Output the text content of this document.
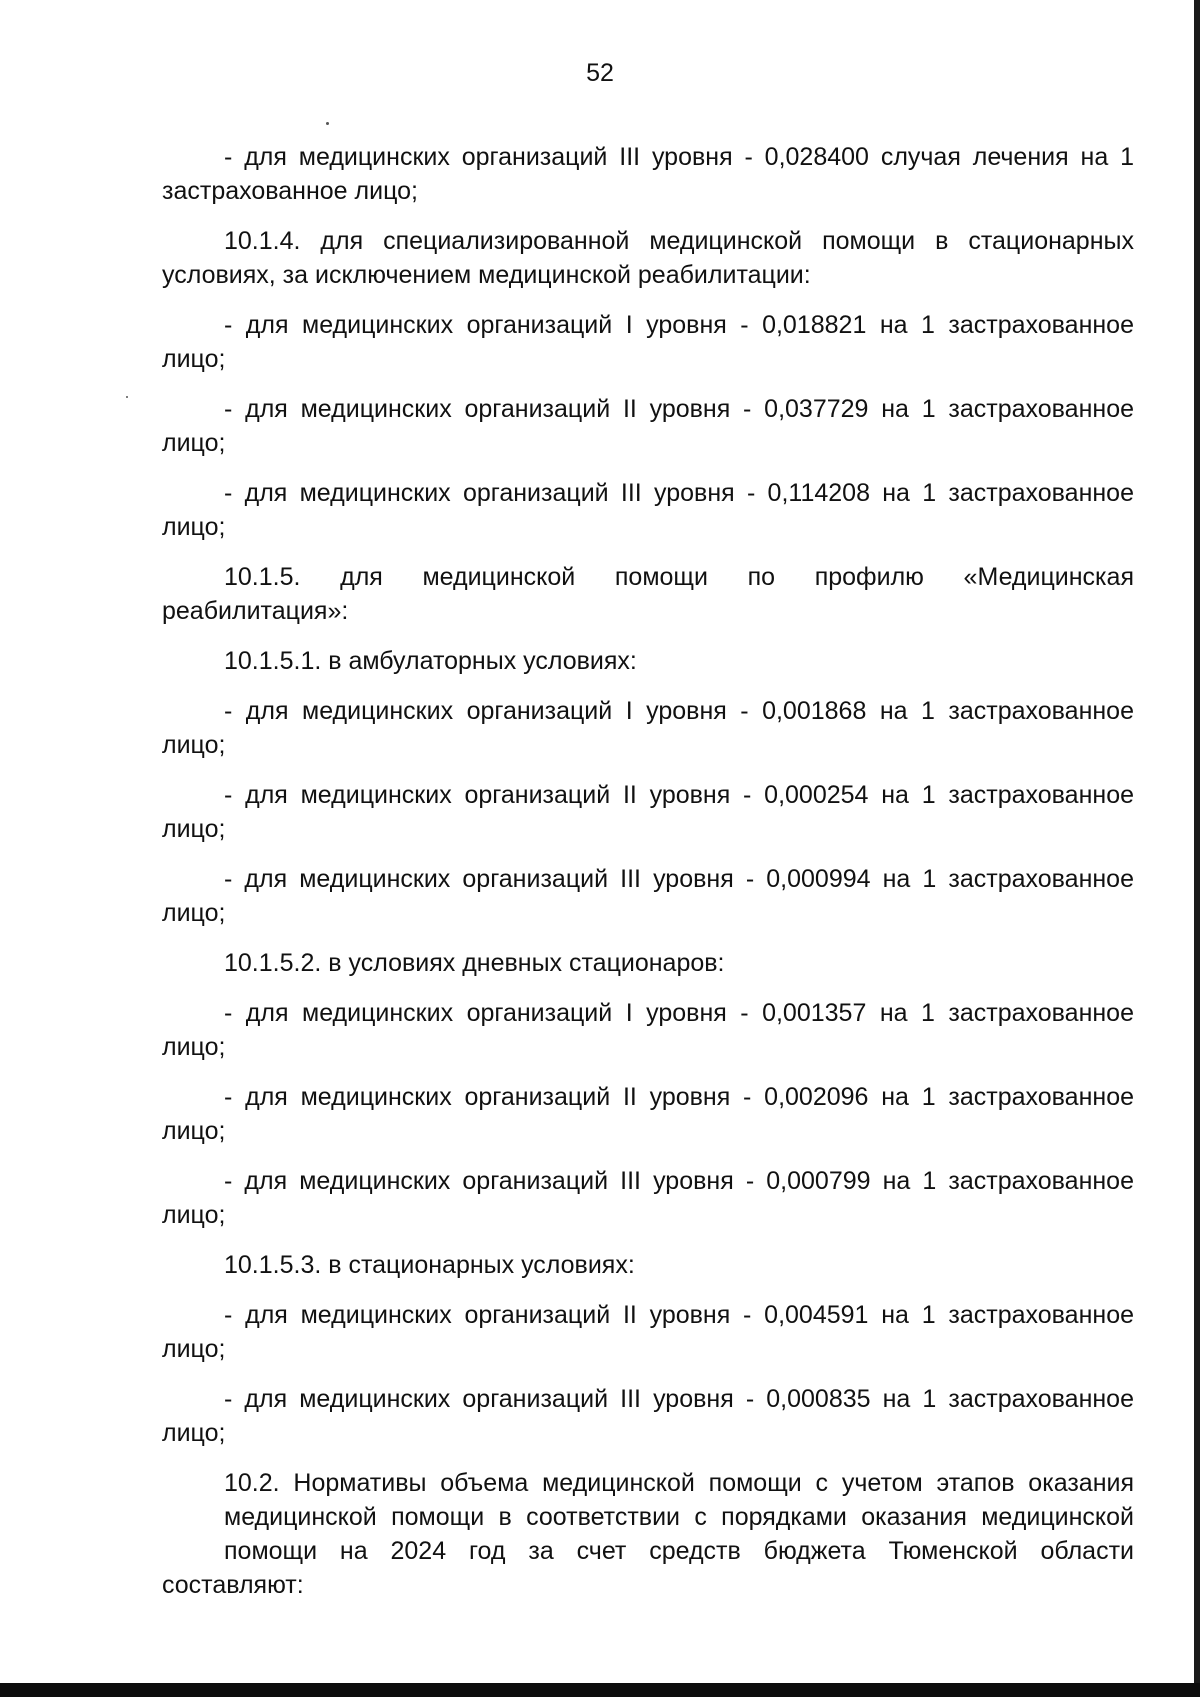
52

- для медицинских организаций III уровня - 0,028400 случая лечения на 1
застрахованное лицо;

10.1.4. для специализированной медицинской помощи в стационарных
условиях, за исключением медицинской реабилитации:

- для медицинских организаций I уровня - 0,018821 на 1 застрахованное
лицо;

- для медицинских организаций II уровня - 0,037729 на 1 застрахованное
лицо;

- для медицинских организаций III уровня - 0,114208 на 1 застрахованное
лицо;

10.1.5. для медицинской помощи по профилю «Медицинская
реабилитация»:

10.1.5.1. в амбулаторных условиях:

- для медицинских организаций I уровня - 0,001868 на 1 застрахованное
лицо;

- для медицинских организаций II уровня - 0,000254 на 1 застрахованное
лицо;

- для медицинских организаций III уровня - 0,000994 на 1 застрахованное
лицо;

10.1.5.2. в условиях дневных стационаров:

- для медицинских организаций I уровня - 0,001357 на 1 застрахованное
лицо;

- для медицинских организаций II уровня - 0,002096 на 1 застрахованное
лицо;

- для медицинских организаций III уровня - 0,000799 на 1 застрахованное
лицо;

10.1.5.3. в стационарных условиях:

- для медицинских организаций II уровня - 0,004591 на 1 застрахованное
лицо;

- для медицинских организаций III уровня - 0,000835 на 1 застрахованное
лицо;

10.2. Нормативы объема медицинской помощи с учетом этапов оказания
медицинской помощи в соответствии с порядками оказания медицинской
помощи на 2024 год за счет средств бюджета Тюменской области составляют:
